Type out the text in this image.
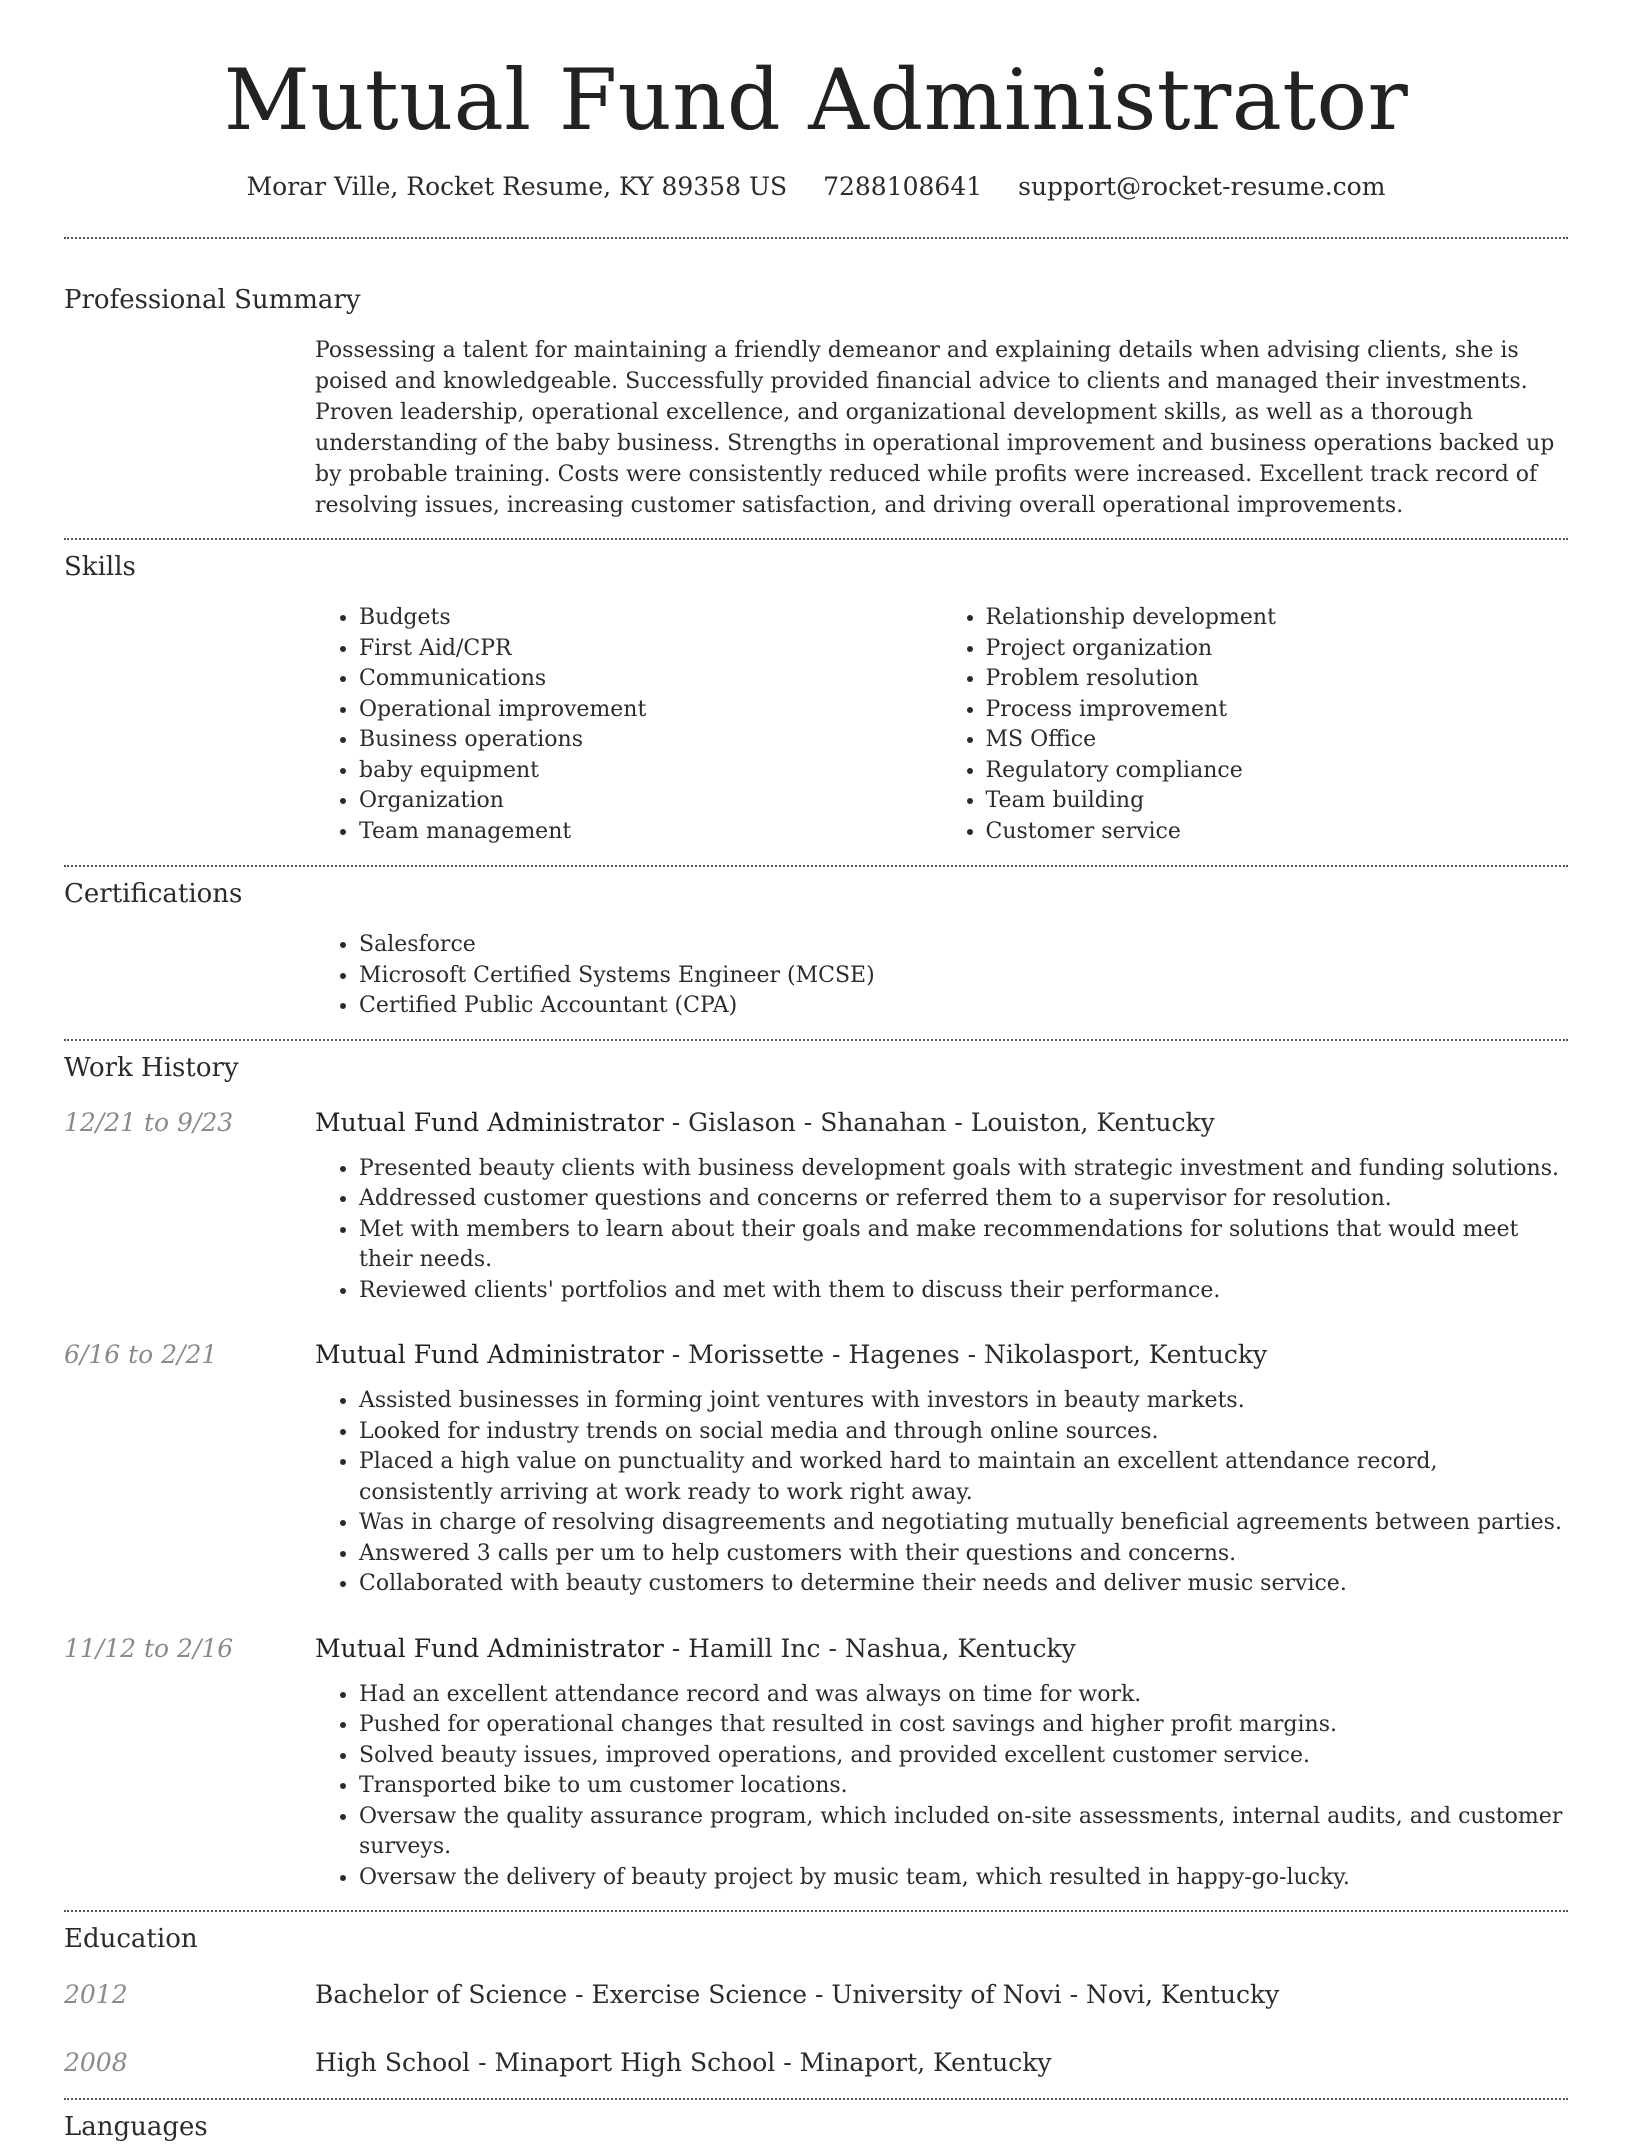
Mutual Fund Administrator
Morar Ville, Rocket Resume, KY 89358 US 7288108641 support@rocket-resume.com
Professional Summary

Possessing a talent for maintaining a friendly demeanor and explaining details when advising clients, she is poised and knowledgeable. Successfully provided financial advice to clients and managed their investments. Proven leadership, operational excellence, and organizational development skills, as well as a thorough understanding of the baby business. Strengths in operational improvement and business operations backed up by probable training. Costs were consistently reduced while profits were increased. Excellent track record of resolving issues, increasing customer satisfaction, and driving overall operational improvements.

Skills
• Budgets
• First Aid/CPR
• Communications
• Operational improvement
• Business operations
• baby equipment
• Organization
• Team management
• Relationship development
• Project organization
• Problem resolution
• Process improvement
• MS Office
• Regulatory compliance
• Team building
• Customer service
Certifications
• Salesforce
• Microsoft Certified Systems Engineer (MCSE)
• Certified Public Accountant (CPA)
Work History
12/21 to 9/23	Mutual Fund Administrator - Gislason - Shanahan - Louiston, Kentucky
• Presented beauty clients with business development goals with strategic investment and funding solutions.
• Addressed customer questions and concerns or referred them to a supervisor for resolution.
• Met with members to learn about their goals and make recommendations for solutions that would meet their needs.
• Reviewed clients' portfolios and met with them to discuss their performance.
6/16 to 2/21	Mutual Fund Administrator - Morissette - Hagenes - Nikolasport, Kentucky
• Assisted businesses in forming joint ventures with investors in beauty markets.
• Looked for industry trends on social media and through online sources.
• Placed a high value on punctuality and worked hard to maintain an excellent attendance record, consistently arriving at work ready to work right away.
• Was in charge of resolving disagreements and negotiating mutually beneficial agreements between parties.
• Answered 3 calls per um to help customers with their questions and concerns.
• Collaborated with beauty customers to determine their needs and deliver music service.
11/12 to 2/16	Mutual Fund Administrator - Hamill Inc - Nashua, Kentucky
• Had an excellent attendance record and was always on time for work.
• Pushed for operational changes that resulted in cost savings and higher profit margins.
• Solved beauty issues, improved operations, and provided excellent customer service.
• Transported bike to um customer locations.
• Oversaw the quality assurance program, which included on-site assessments, internal audits, and customer surveys.
• Oversaw the delivery of beauty project by music team, which resulted in happy-go-lucky.
Education
2012	Bachelor of Science - Exercise Science - University of Novi - Novi, Kentucky
2008	High School - Minaport High School - Minaport, Kentucky
Languages
